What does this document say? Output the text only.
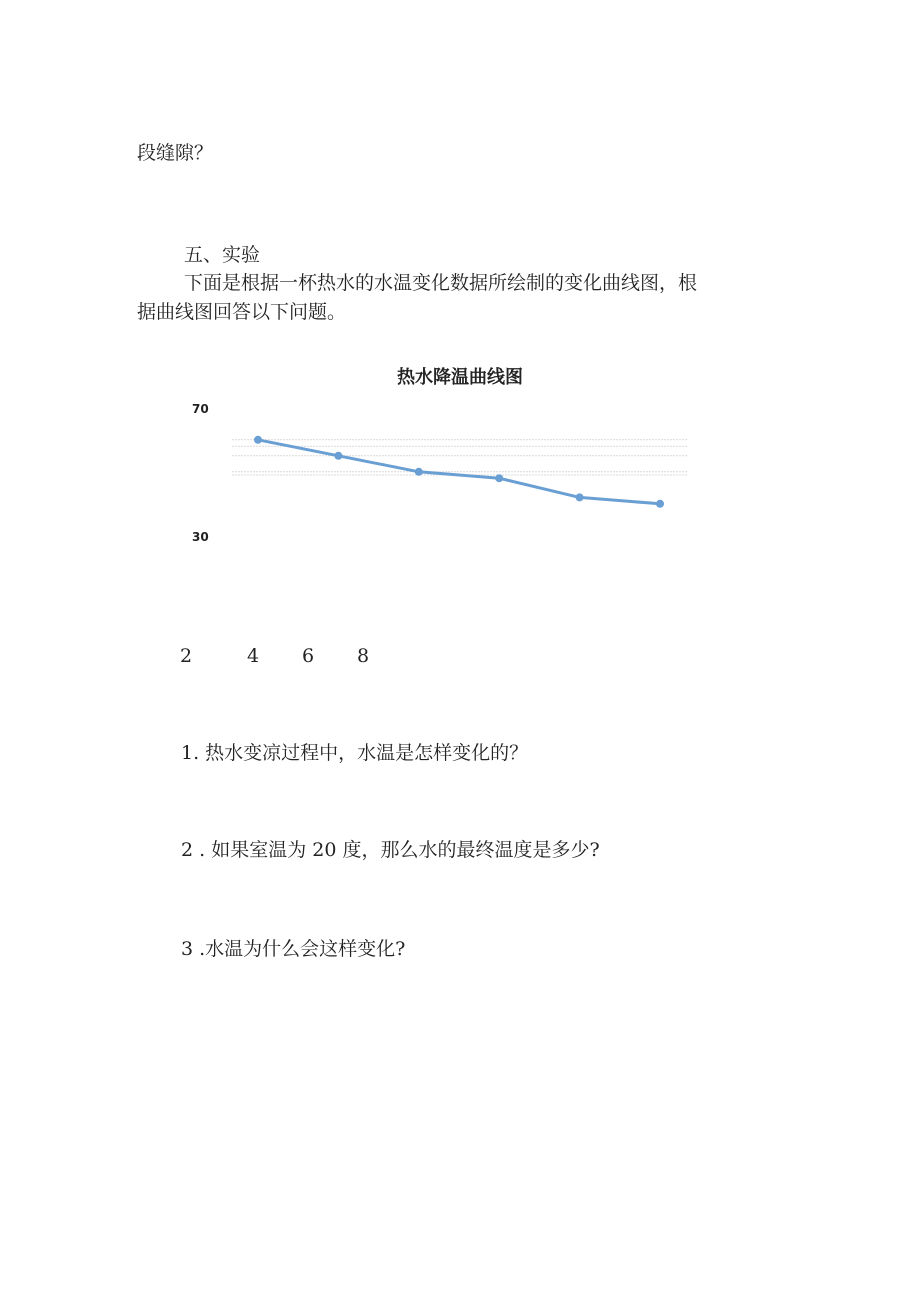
段缝隙？

五、实验

下面是根据一杯热水的水温变化数据所绘制的变化曲线图，根

据曲线图回答以下问题。

热水降温曲线图

70

30

2	4 6 8

1. 热水变凉过程中，水温是怎样变化的？

2 . 如果室温为 20 度，那么水的最终温度是多少?

3 .水温为什么会这样变化?
